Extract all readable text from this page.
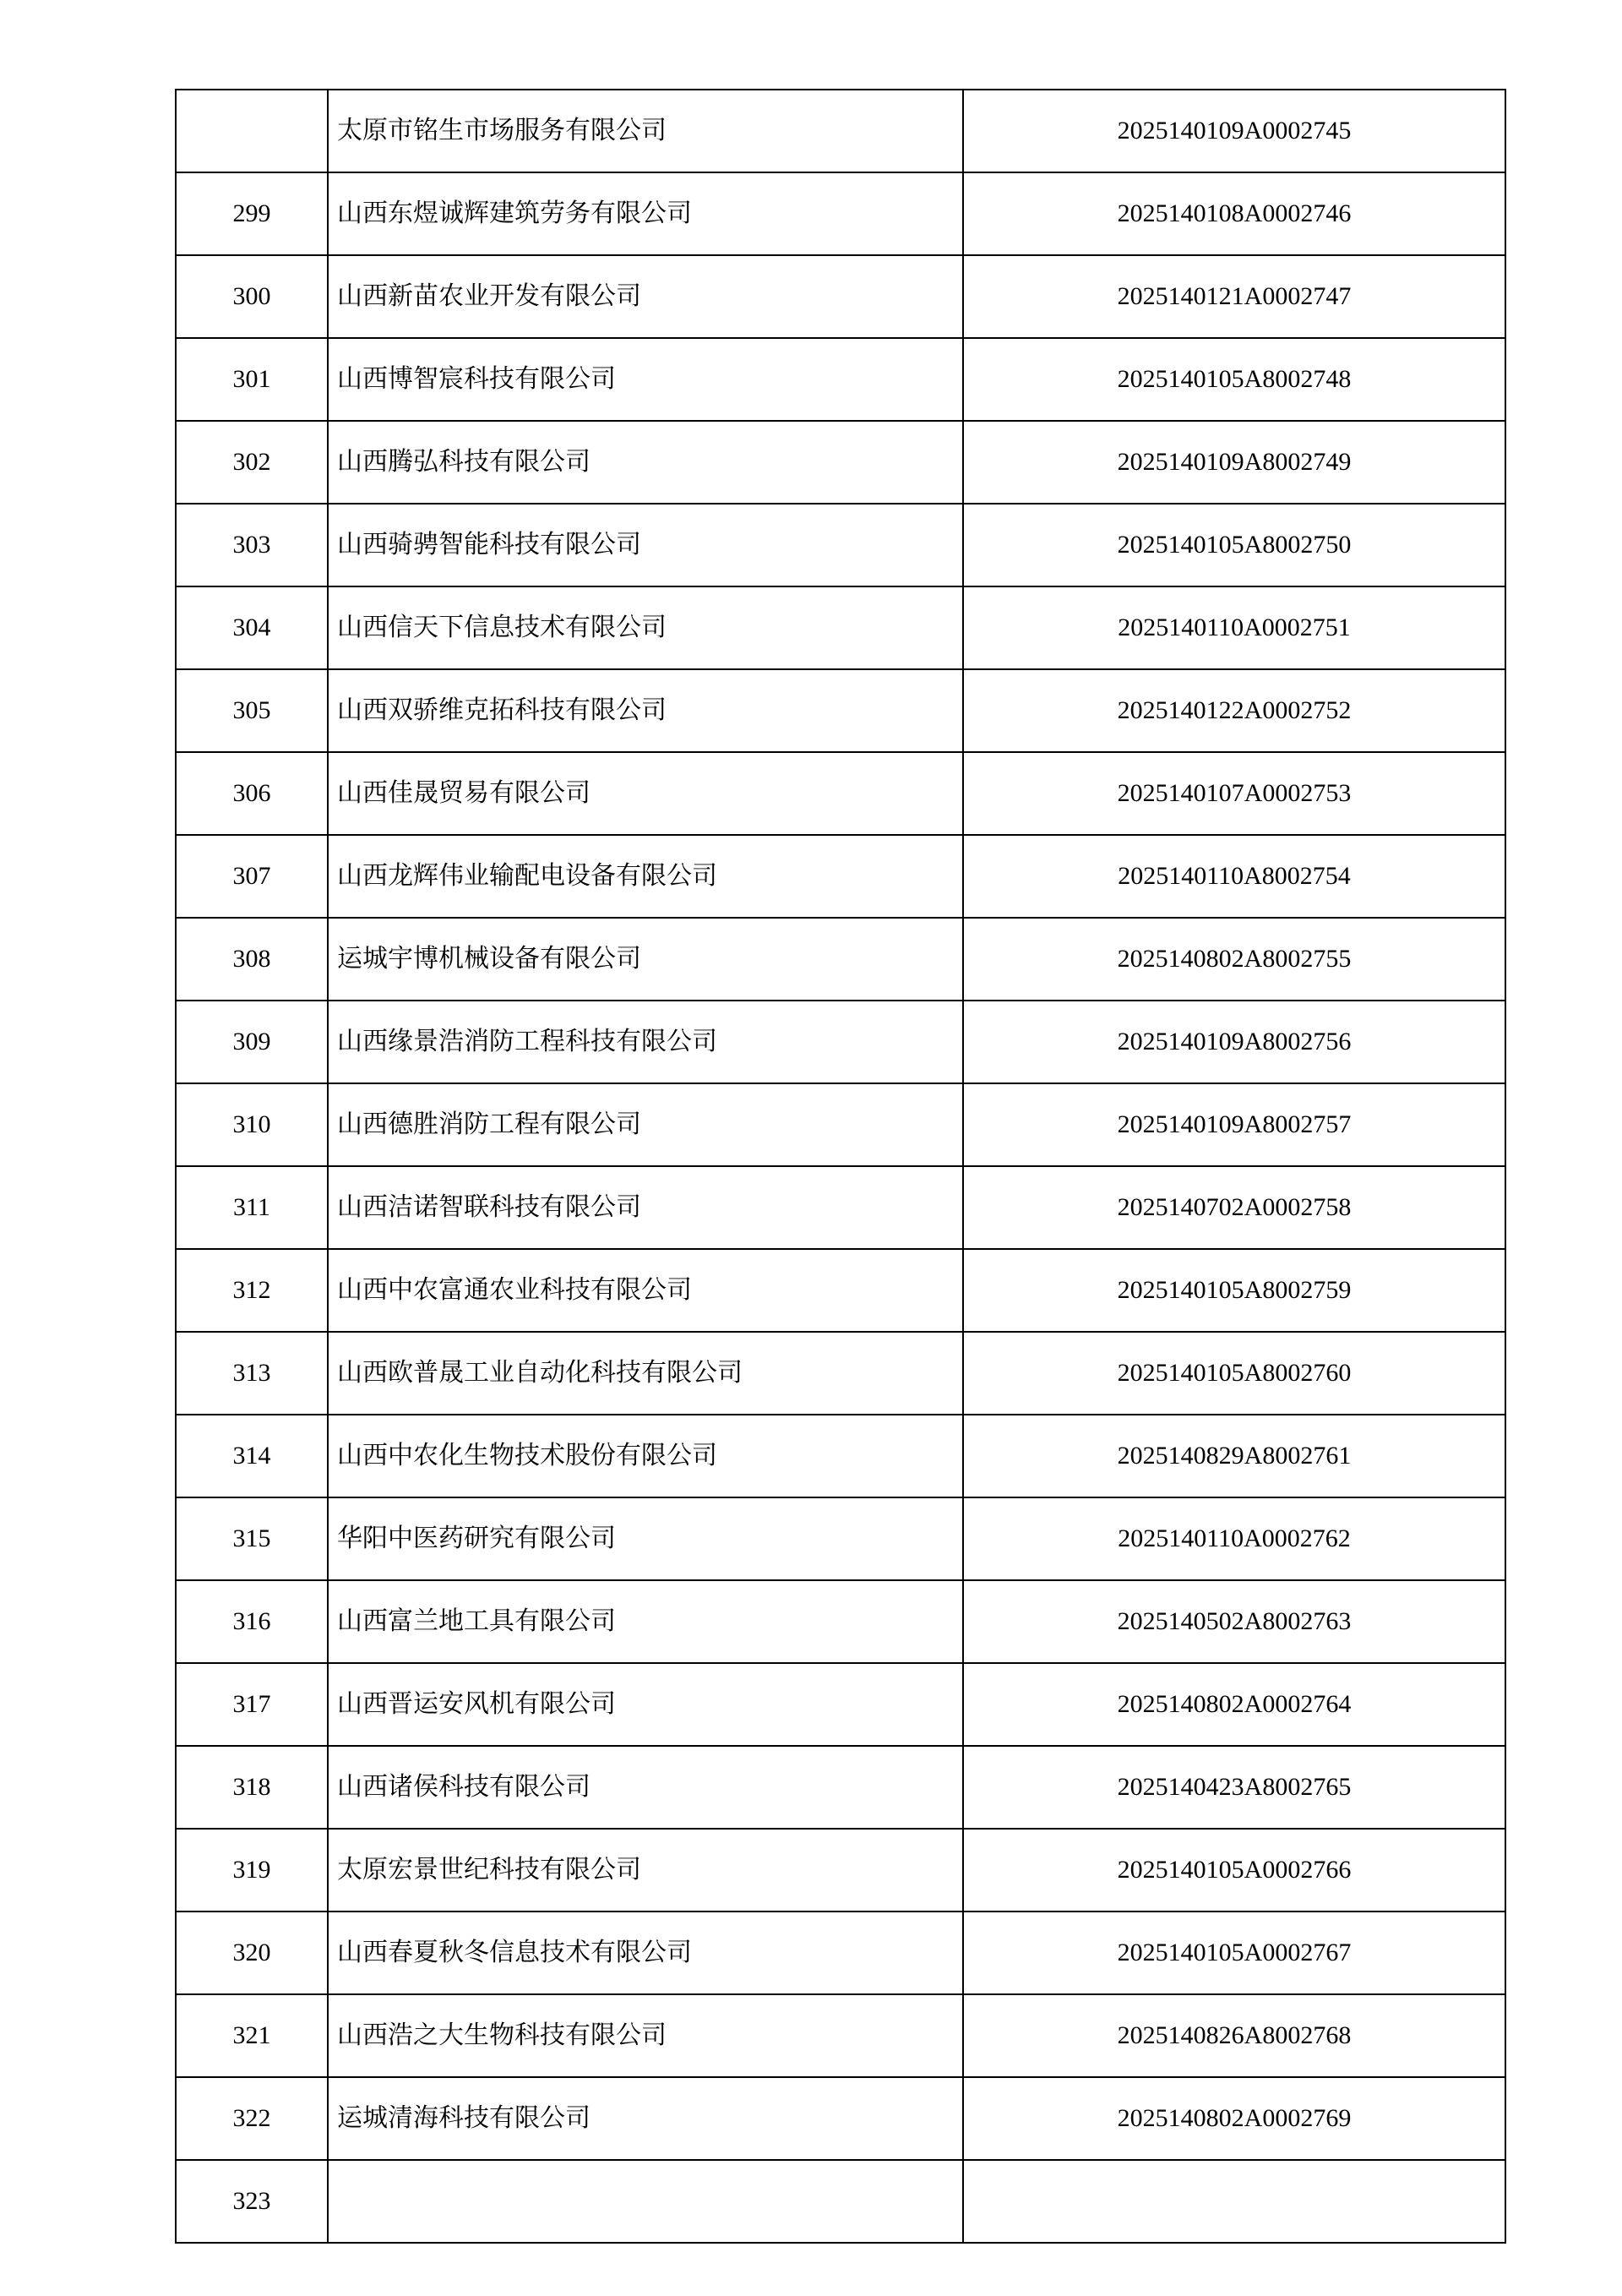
	太原市铭生市场服务有限公司	2025140109A0002745
299	山西东煜诚辉建筑劳务有限公司	2025140108A0002746
300	山西新苗农业开发有限公司	2025140121A0002747
301	山西博智宸科技有限公司	2025140105A8002748
302	山西腾弘科技有限公司	2025140109A8002749
303	山西骑骋智能科技有限公司	2025140105A8002750
304	山西信天下信息技术有限公司	2025140110A0002751
305	山西双骄维克拓科技有限公司	2025140122A0002752
306	山西佳晟贸易有限公司	2025140107A0002753
307	山西龙辉伟业输配电设备有限公司	2025140110A8002754
308	运城宇博机械设备有限公司	2025140802A8002755
309	山西缘景浩消防工程科技有限公司	2025140109A8002756
310	山西德胜消防工程有限公司	2025140109A8002757
311	山西洁诺智联科技有限公司	2025140702A0002758
312	山西中农富通农业科技有限公司	2025140105A8002759
313	山西欧普晟工业自动化科技有限公司	2025140105A8002760
314	山西中农化生物技术股份有限公司	2025140829A8002761
315	华阳中医药研究有限公司	2025140110A0002762
316	山西富兰地工具有限公司	2025140502A8002763
317	山西晋运安风机有限公司	2025140802A0002764
318	山西诸侯科技有限公司	2025140423A8002765
319	太原宏景世纪科技有限公司	2025140105A0002766
320	山西春夏秋冬信息技术有限公司	2025140105A0002767
321	山西浩之大生物科技有限公司	2025140826A8002768
322	运城清海科技有限公司	2025140802A0002769
323		
